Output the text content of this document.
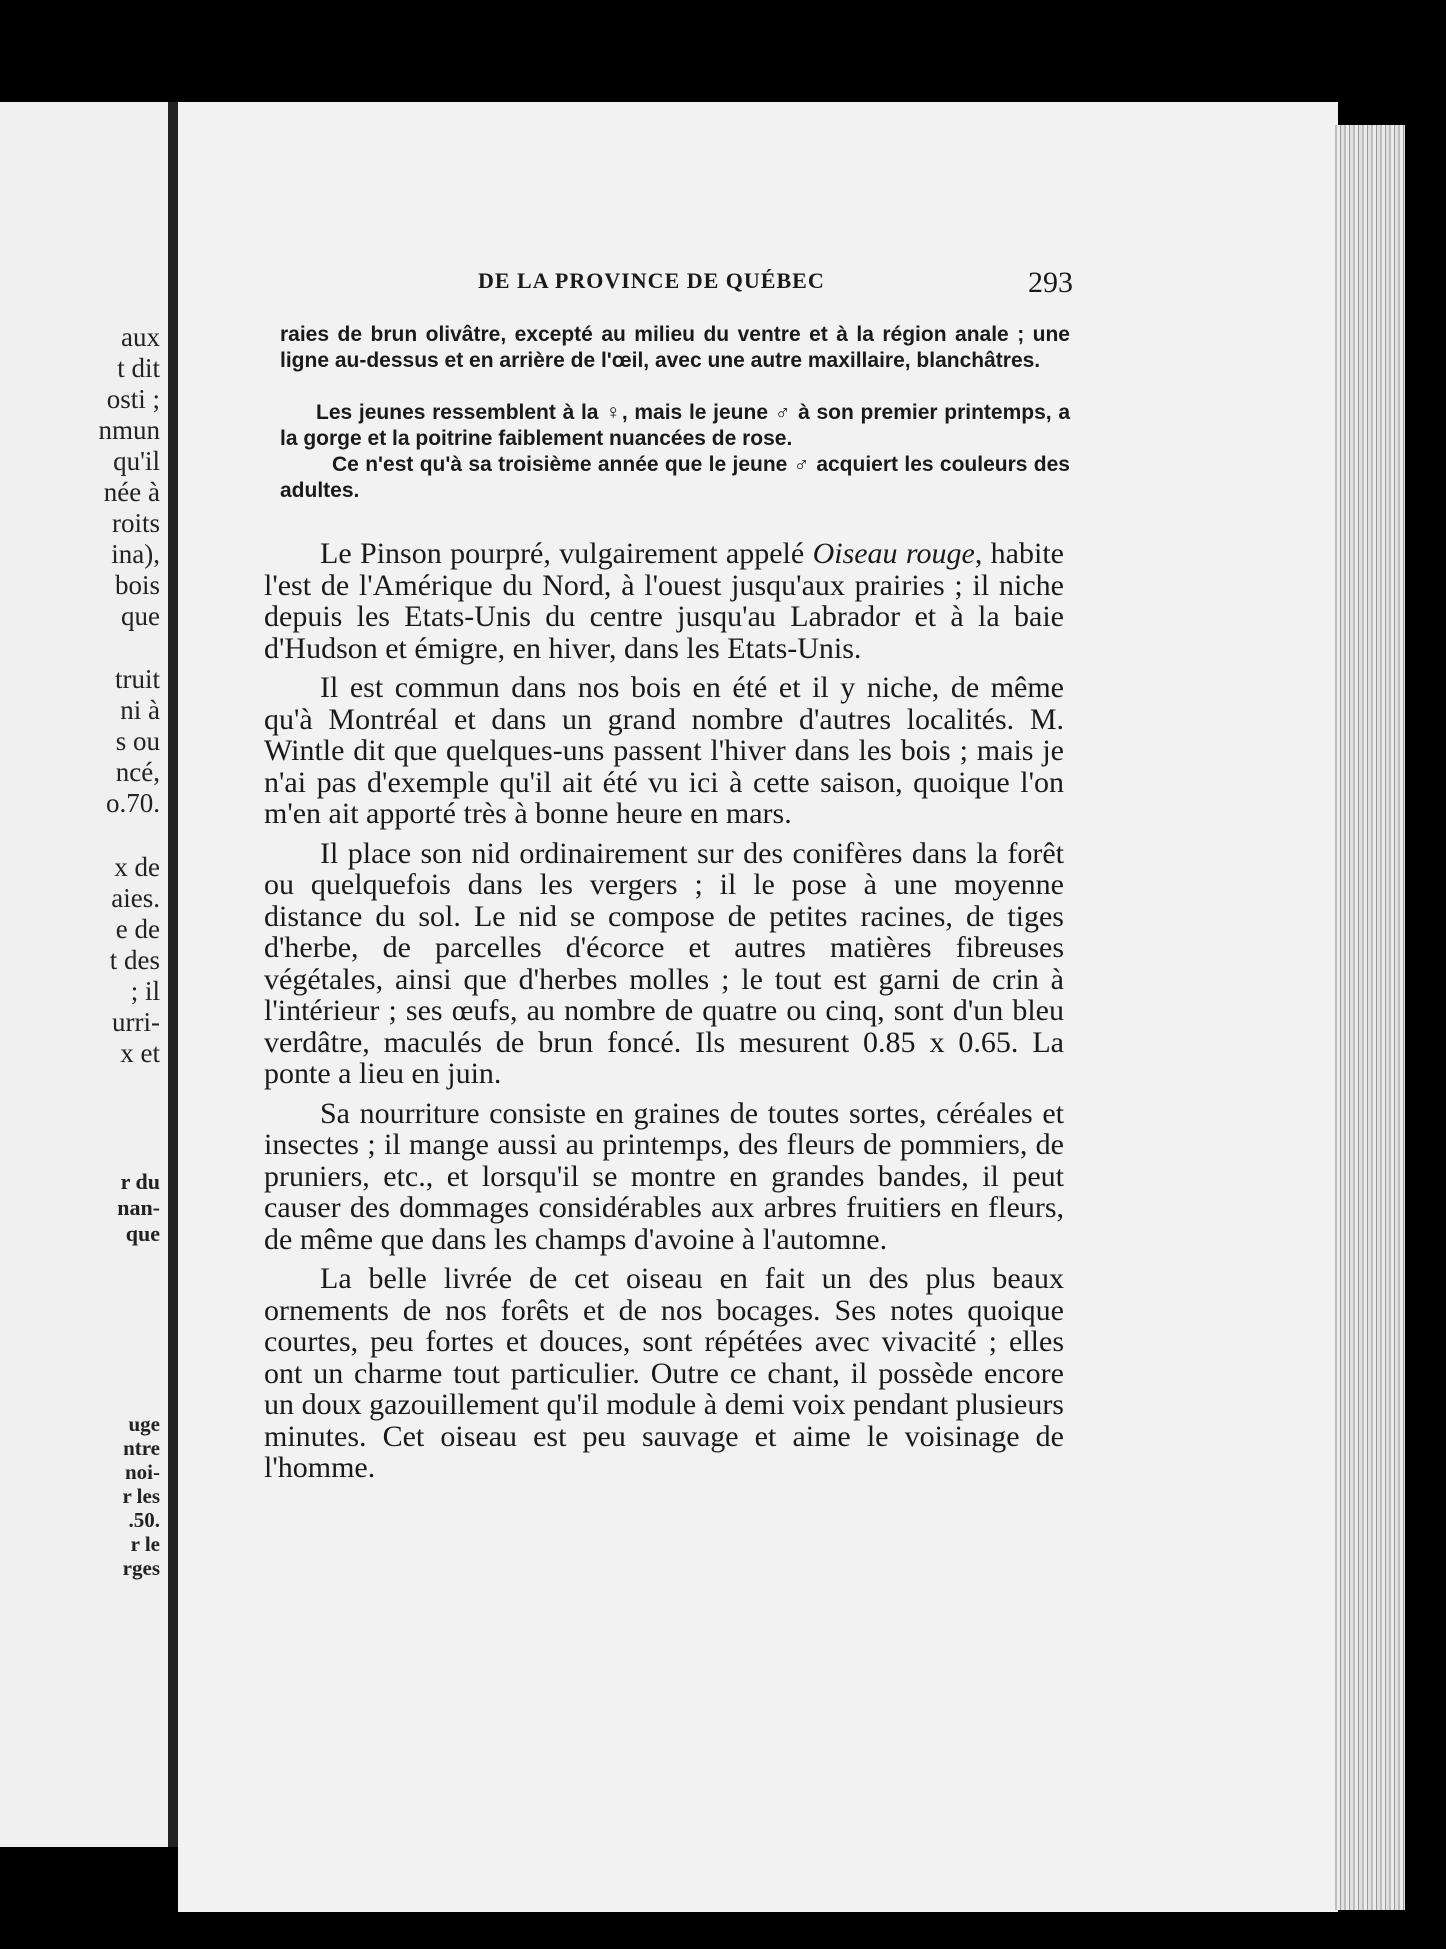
aux
t dit
osti ;
nmun
qu'il
née à
roits
ina),
bois
que
truit
ni à
s ou
ncé,
o.70.
x de
aies.
e de
t des
; il
urri-
x et
r du
nan-
que
uge
ntre
noi-
r les
.50.
r le
rges
DE LA PROVINCE DE QUÉBEC	293
raies de brun olivâtre, excepté au milieu du ventre et à la région anale ; une ligne au-dessus et en arrière de l'œil, avec une autre maxillaire, blanchâtres.
Les jeunes ressemblent à la ♀, mais le jeune ♂ à son premier printemps, a la gorge et la poitrine faiblement nuancées de rose.
Ce n'est qu'à sa troisième année que le jeune ♂ acquiert les couleurs des adultes.

Le Pinson pourpré, vulgairement appelé Oiseau rouge, habite l'est de l'Amérique du Nord, à l'ouest jusqu'aux prairies ; il niche depuis les Etats-Unis du centre jusqu'au Labrador et à la baie d'Hudson et émigre, en hiver, dans les Etats-Unis.

Il est commun dans nos bois en été et il y niche, de même qu'à Montréal et dans un grand nombre d'autres localités. M. Wintle dit que quelques-uns passent l'hiver dans les bois ; mais je n'ai pas d'exemple qu'il ait été vu ici à cette saison, quoique l'on m'en ait apporté très à bonne heure en mars.

Il place son nid ordinairement sur des conifères dans la forêt ou quelquefois dans les vergers ; il le pose à une moyenne distance du sol. Le nid se compose de petites racines, de tiges d'herbe, de parcelles d'écorce et autres matières fibreuses végétales, ainsi que d'herbes molles ; le tout est garni de crin à l'intérieur ; ses œufs, au nombre de quatre ou cinq, sont d'un bleu verdâtre, maculés de brun foncé. Ils mesurent 0.85 x 0.65. La ponte a lieu en juin.

Sa nourriture consiste en graines de toutes sortes, céréales et insectes ; il mange aussi au printemps, des fleurs de pommiers, de pruniers, etc., et lorsqu'il se montre en grandes bandes, il peut causer des dommages considérables aux arbres fruitiers en fleurs, de même que dans les champs d'avoine à l'automne.

La belle livrée de cet oiseau en fait un des plus beaux ornements de nos forêts et de nos bocages. Ses notes quoique courtes, peu fortes et douces, sont répétées avec vivacité ; elles ont un charme tout particulier. Outre ce chant, il possède encore un doux gazouillement qu'il module à demi voix pendant plusieurs minutes. Cet oiseau est peu sauvage et aime le voisinage de l'homme.
